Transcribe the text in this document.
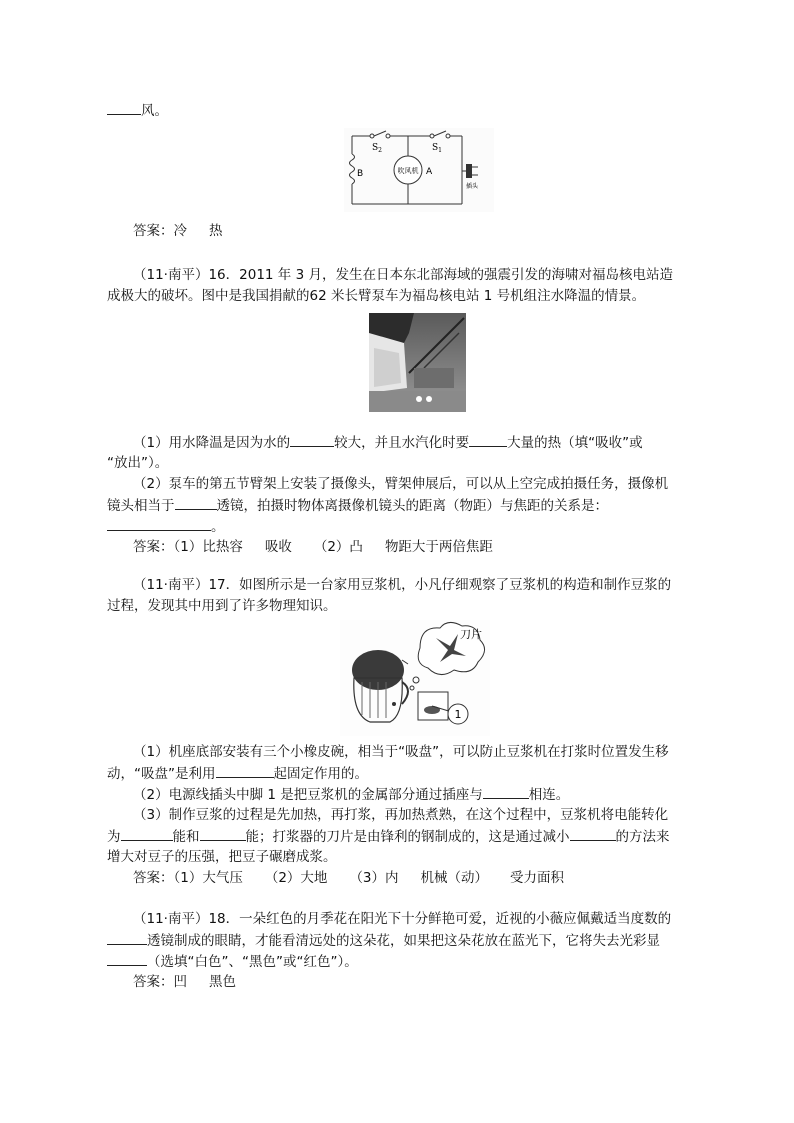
风。
$S_2$	$S_1$
B	吹风机 A
插头
答案：冷 热
（11·南平）16．2011 年 3 月，发生在日本东北部海域的强震引发的海啸对福岛核电站造
成极大的破坏。图中是我国捐献的62 米长臂泵车为福岛核电站 1 号机组注水降温的情景。
（1）用水降温是因为水的	较大，并且水汽化时要	大量的热（填“吸收”或
“放出”）。
（2）泵车的第五节臂架上安装了摄像头，臂架伸展后，可以从上空完成拍摄任务，摄像机
镜头相当于	透镜，拍摄时物体离摄像机镜头的距离（物距）与焦距的关系是：
。
答案：（1）比热容 吸收 （2）凸 物距大于两倍焦距
（11·南平）17．如图所示是一台家用豆浆机，小凡仔细观察了豆浆机的构造和制作豆浆的
过程，发现其中用到了许多物理知识。
刀片
1
（1）机座底部安装有三个小橡皮碗，相当于“吸盘”，可以防止豆浆机在打浆时位置发生移
动，“吸盘”是利用	起固定作用的。
（2）电源线插头中脚 1 是把豆浆机的金属部分通过插座与	相连。
（3）制作豆浆的过程是先加热，再打浆，再加热煮熟，在这个过程中，豆浆机将电能转化
为	能和	能；打浆器的刀片是由锋利的钢制成的，这是通过减小	的方法来
增大对豆子的压强，把豆子碾磨成浆。
答案：（1）大气压 （2）大地 （3）内 机械（动） 受力面积
（11·南平）18．一朵红色的月季花在阳光下十分鲜艳可爱，近视的小薇应佩戴适当度数的
透镜制成的眼睛，才能看清远处的这朵花，如果把这朵花放在蓝光下，它将失去光彩显
（选填“白色”、“黑色”或“红色”）。
答案：凹 黑色
